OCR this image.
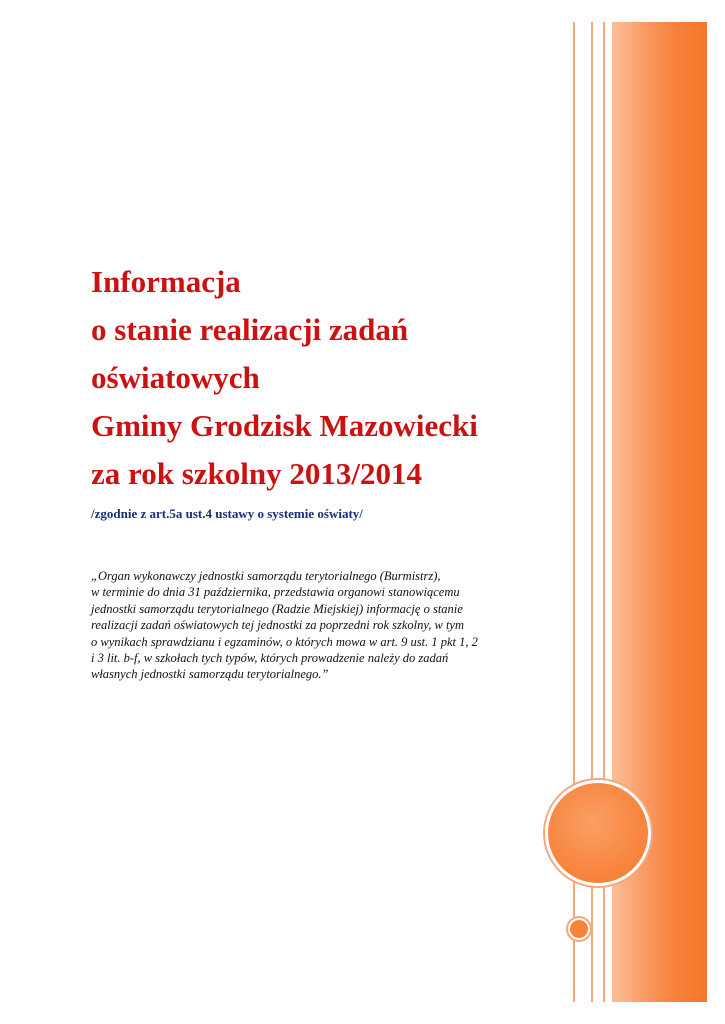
Informacja

o stanie realizacji zadań

oświatowych

Gminy Grodzisk Mazowiecki

za rok szkolny 2013/2014

/zgodnie z art.5a ust.4 ustawy o systemie oświaty/
„Organ wykonawczy jednostki samorządu terytorialnego (Burmistrz),
w terminie do dnia 31 października, przedstawia organowi stanowiącemu
jednostki samorządu terytorialnego (Radzie Miejskiej) informację o stanie
realizacji zadań oświatowych tej jednostki za poprzedni rok szkolny, w tym
o wynikach sprawdzianu i egzaminów, o których mowa w art. 9 ust. 1 pkt 1, 2
i 3 lit. b-f, w szkołach tych typów, których prowadzenie należy do zadań
własnych jednostki samorządu terytorialnego.”
